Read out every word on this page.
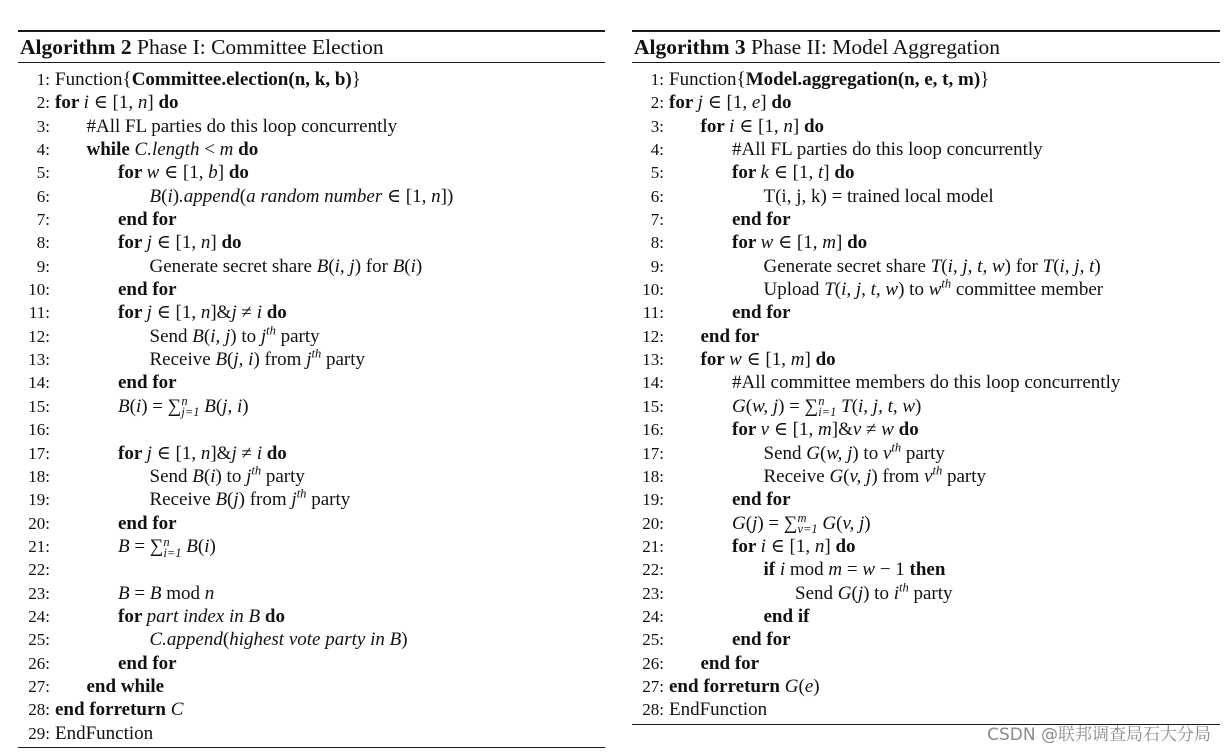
Algorithm 2 Phase I: Committee Election
1: Function{Committee.election(n, k, b)}
2: for i ∈ [1, n] do
3: #All FL parties do this loop concurrently
4: while C.length < m do
5:	for w ∈ [1, b] do
6:	B(i).append(a random number ∈ [1, n])
7:	end for
8:	for j ∈ [1, n] do
9:	Generate secret share B(i, j) for B(i)
10:	end for
11:	for j ∈ [1, n]&j ≠ i do
12:	Send B(i, j) to $j^{th}$ party
13:	Receive B(j, i) from $j^{th}$ party
14:	end for
15:	B(i) = ∑ n
j=1 B(j, i)
16:
17:	for j ∈ [1, n]&j ≠ i do
18:	Send B(i) to $j^{th}$ party
19:	Receive B(j) from $j^{th}$ party
20:	end for
21:	B = ∑ n
i=1 B(i)
22:
23:	B = B mod n
24:	for part index in B do
25:	C.append(highest vote party in B)
26:	end for
27: end while
28: end forreturn C
29: EndFunction
Algorithm 3 Phase II: Model Aggregation
1: Function{Model.aggregation(n, e, t, m)}
2: for j ∈ [1, e] do
3: for i ∈ [1, n] do
4:	#All FL parties do this loop concurrently
5:	for k ∈ [1, t] do
6:	T(i, j, k) = trained local model
7:	end for
8:	for w ∈ [1, m] do
9:	Generate secret share T(i, j, t, w) for T(i, j, t)
10:	Upload T(i, j, t, w) to $w^{th}$ committee member
11:	end for
12: end for
13: for w ∈ [1, m] do
14:	#All committee members do this loop concurrently
15:	G(w, j) = ∑ n
i=1 T(i, j, t, w)
16:	for v ∈ [1, m]&v ≠ w do
17:	Send G(w, j) to $v^{th}$ party
18:	Receive G(v, j) from $v^{th}$ party
19:	end for
20:	G(j) = ∑ m
v=1 G(v, j)
21:	for i ∈ [1, n] do
22:	if i mod m = w − 1 then
23:	Send G(j) to $i^{th}$ party
24:	end if
25:	end for
26: end for
27: end forreturn G(e)
28: EndFunction
CSDN @联邦调查局石大分局
